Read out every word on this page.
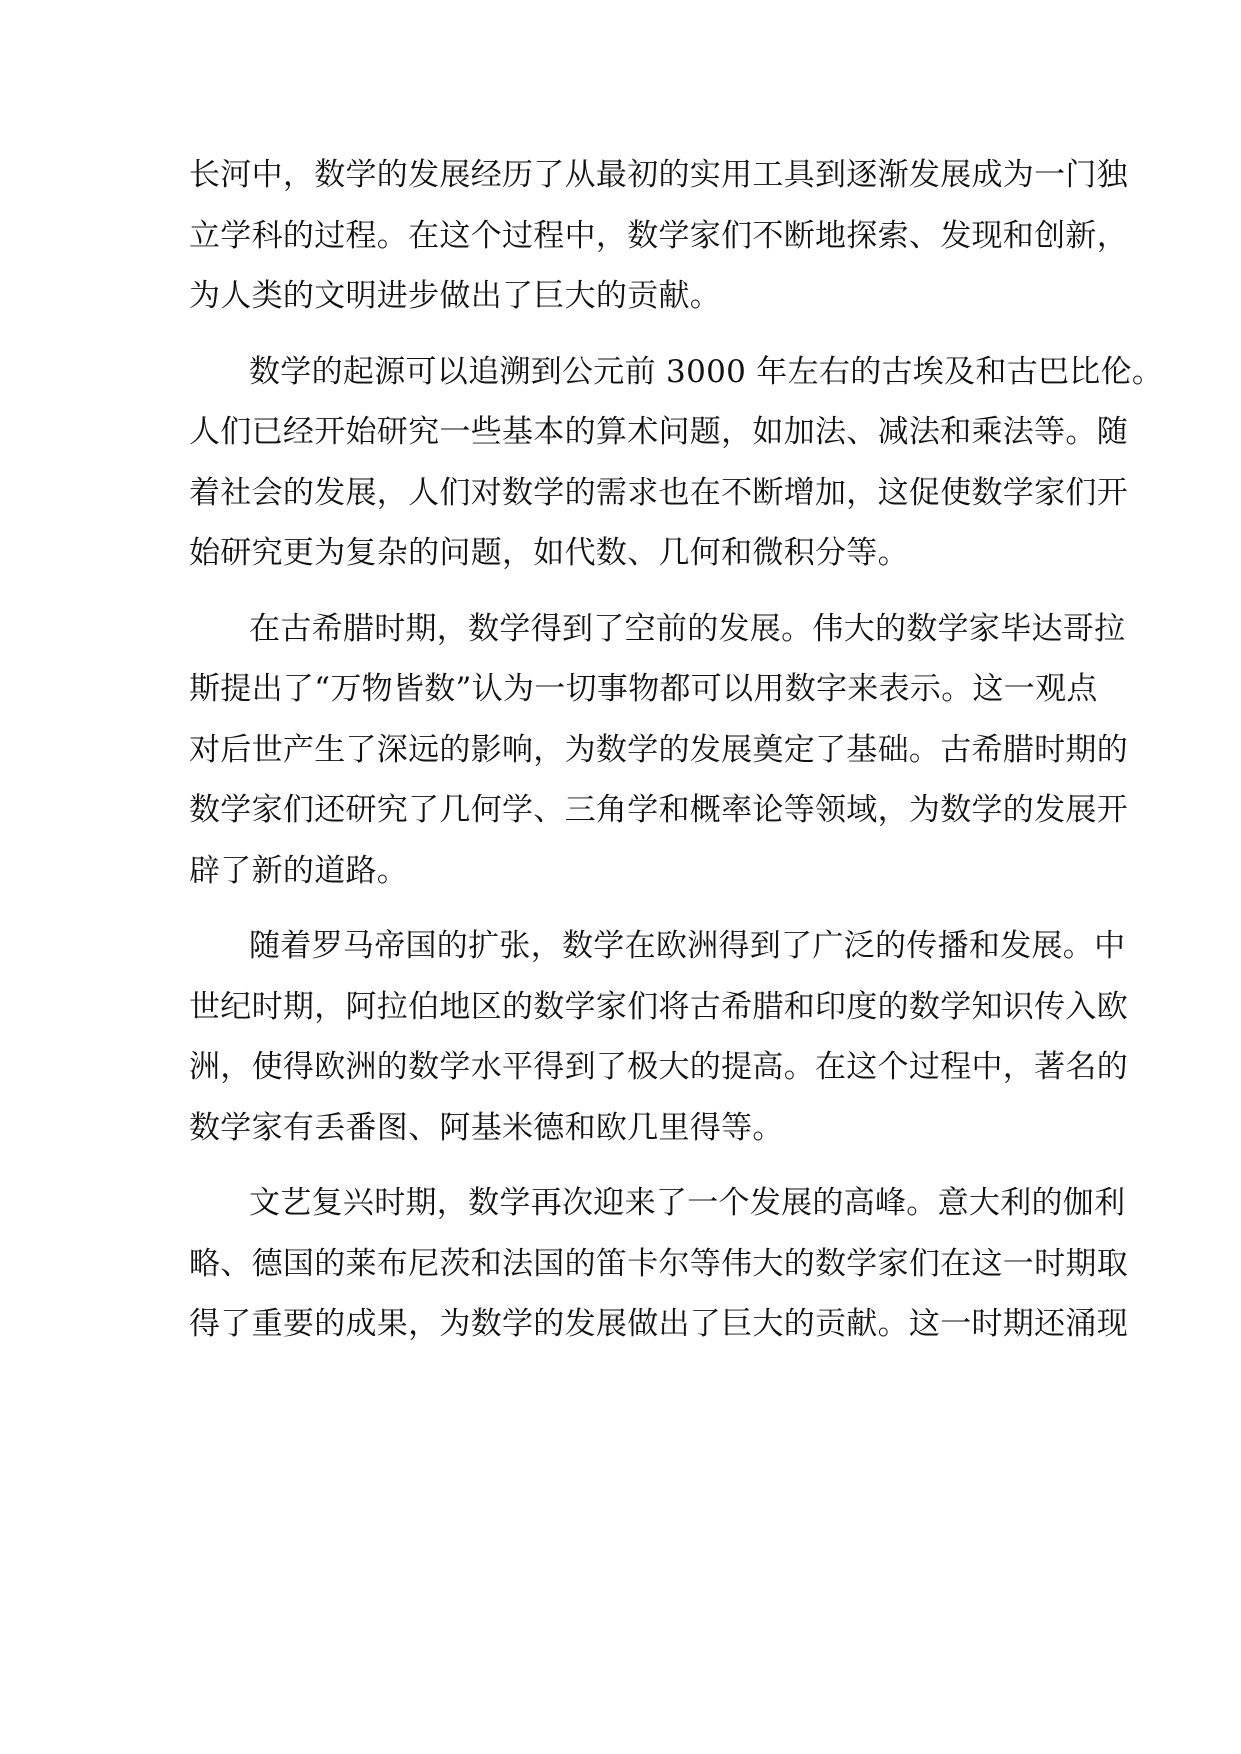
长河中，数学的发展经历了从最初的实用工具到逐渐发展成为一门独
立学科的过程。在这个过程中，数学家们不断地探索、发现和创新，
为人类的文明进步做出了巨大的贡献。
数学的起源可以追溯到公元前 3000 年左右的古埃及和古巴比伦。
人们已经开始研究一些基本的算术问题，如加法、减法和乘法等。随
着社会的发展，人们对数学的需求也在不断增加，这促使数学家们开
始研究更为复杂的问题，如代数、几何和微积分等。
在古希腊时期，数学得到了空前的发展。伟大的数学家毕达哥拉
斯提出了“万物皆数”认为一切事物都可以用数字来表示。这一观点
对后世产生了深远的影响，为数学的发展奠定了基础。古希腊时期的
数学家们还研究了几何学、三角学和概率论等领域，为数学的发展开
辟了新的道路。
随着罗马帝国的扩张，数学在欧洲得到了广泛的传播和发展。中
世纪时期，阿拉伯地区的数学家们将古希腊和印度的数学知识传入欧
洲，使得欧洲的数学水平得到了极大的提高。在这个过程中，著名的
数学家有丢番图、阿基米德和欧几里得等。
文艺复兴时期，数学再次迎来了一个发展的高峰。意大利的伽利
略、德国的莱布尼茨和法国的笛卡尔等伟大的数学家们在这一时期取
得了重要的成果，为数学的发展做出了巨大的贡献。这一时期还涌现
